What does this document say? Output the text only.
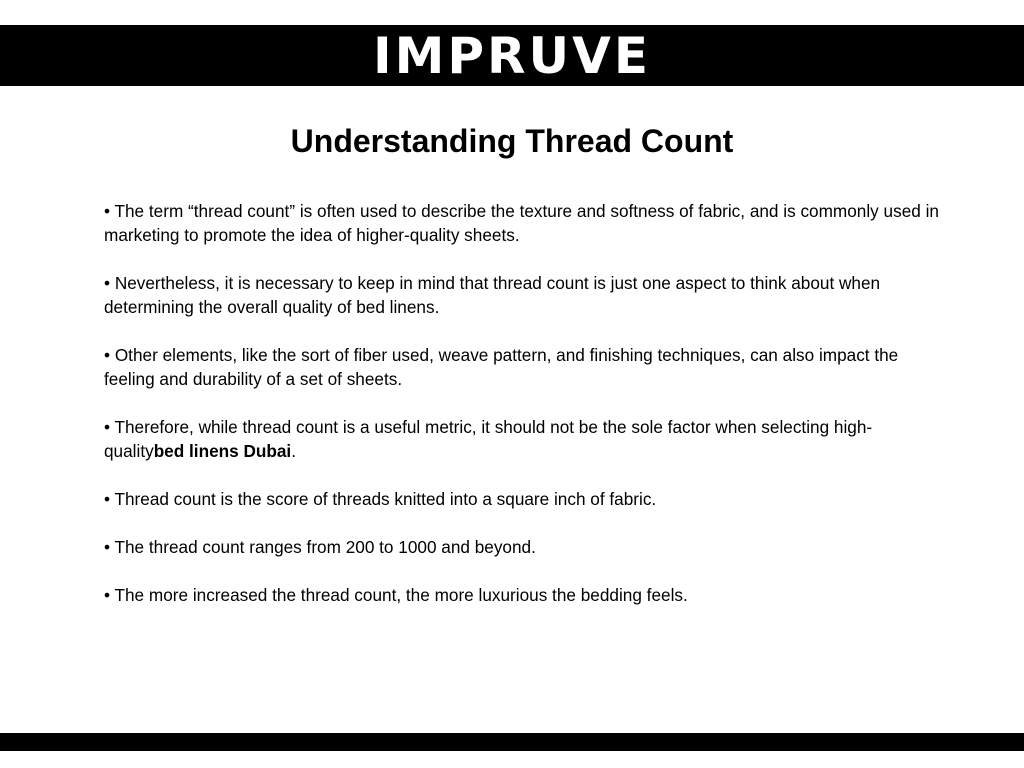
IMPRUVE
Understanding Thread Count
• The term “thread count” is often used to describe the texture and softness of fabric, and is commonly used in marketing to promote the idea of higher-quality sheets.
• Nevertheless, it is necessary to keep in mind that thread count is just one aspect to think about when determining the overall quality of bed linens.
• Other elements, like the sort of fiber used, weave pattern, and finishing techniques, can also impact the feeling and durability of a set of sheets.
• Therefore, while thread count is a useful metric, it should not be the sole factor when selecting high-qualitybed linens Dubai.
• Thread count is the score of threads knitted into a square inch of fabric.
• The thread count ranges from 200 to 1000 and beyond.
• The more increased the thread count, the more luxurious the bedding feels.
